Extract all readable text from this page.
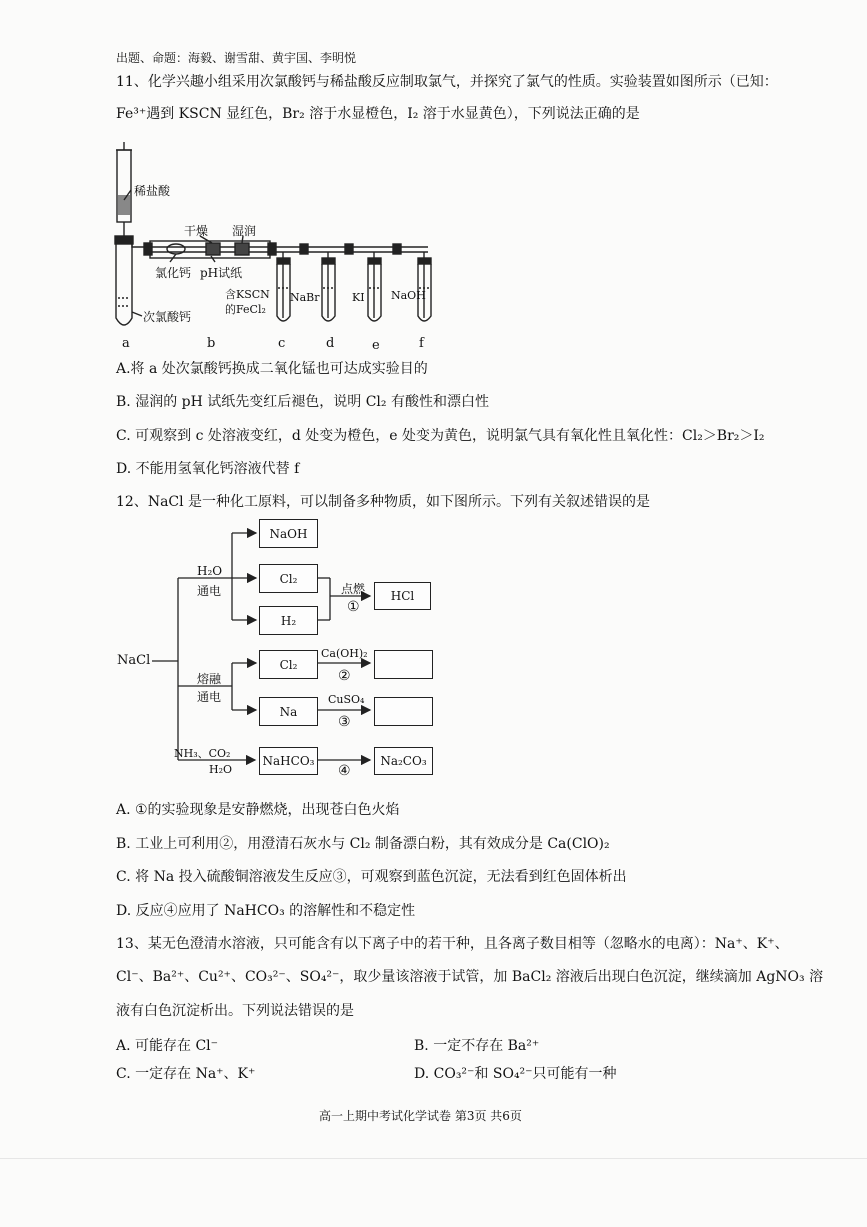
出题、命题：海毅、谢雪甜、黄宇国、李明悦
11、化学兴趣小组采用次氯酸钙与稀盐酸反应制取氯气，并探究了氯气的性质。实验装置如图所示（已知：
Fe³⁺遇到 KSCN 显红色，Br₂ 溶于水显橙色，I₂ 溶于水显黄色），下列说法正确的是
稀盐酸
次氯酸钙
干燥 湿润
氯化钙 pH试纸
含KSCN
的FeCl₂
NaBr	KI NaOH
a	b	c	d	e	f
A.将 a 处次氯酸钙换成二氧化锰也可达成实验目的
B. 湿润的 pH 试纸先变红后褪色，说明 Cl₂ 有酸性和漂白性
C. 可观察到 c 处溶液变红，d 处变为橙色，e 处变为黄色，说明氯气具有氧化性且氧化性：Cl₂＞Br₂＞I₂
D. 不能用氢氧化钙溶液代替 f
12、NaCl 是一种化工原料，可以制备多种物质，如下图所示。下列有关叙述错误的是
NaCl
H₂O
通电
熔融
通电
NH₃、CO₂
H₂O
NaOH
Cl₂
H₂
点燃
①
HCl
Cl₂
Ca(OH)₂
②
Na
CuSO₄
③
NaHCO₃
④
Na₂CO₃
A. ①的实验现象是安静燃烧，出现苍白色火焰
B. 工业上可利用②，用澄清石灰水与 Cl₂ 制备漂白粉，其有效成分是 Ca(ClO)₂
C. 将 Na 投入硫酸铜溶液发生反应③，可观察到蓝色沉淀，无法看到红色固体析出
D. 反应④应用了 NaHCO₃ 的溶解性和不稳定性
13、某无色澄清水溶液，只可能含有以下离子中的若干种，且各离子数目相等（忽略水的电离）：Na⁺、K⁺、
Cl⁻、Ba²⁺、Cu²⁺、CO₃²⁻、SO₄²⁻，取少量该溶液于试管，加 BaCl₂ 溶液后出现白色沉淀，继续滴加 AgNO₃ 溶
液有白色沉淀析出。下列说法错误的是
A. 可能存在 Cl⁻	B. 一定不存在 Ba²⁺
C. 一定存在 Na⁺、K⁺	D. CO₃²⁻和 SO₄²⁻只可能有一种
高一上期中考试化学试卷 第3页 共6页
